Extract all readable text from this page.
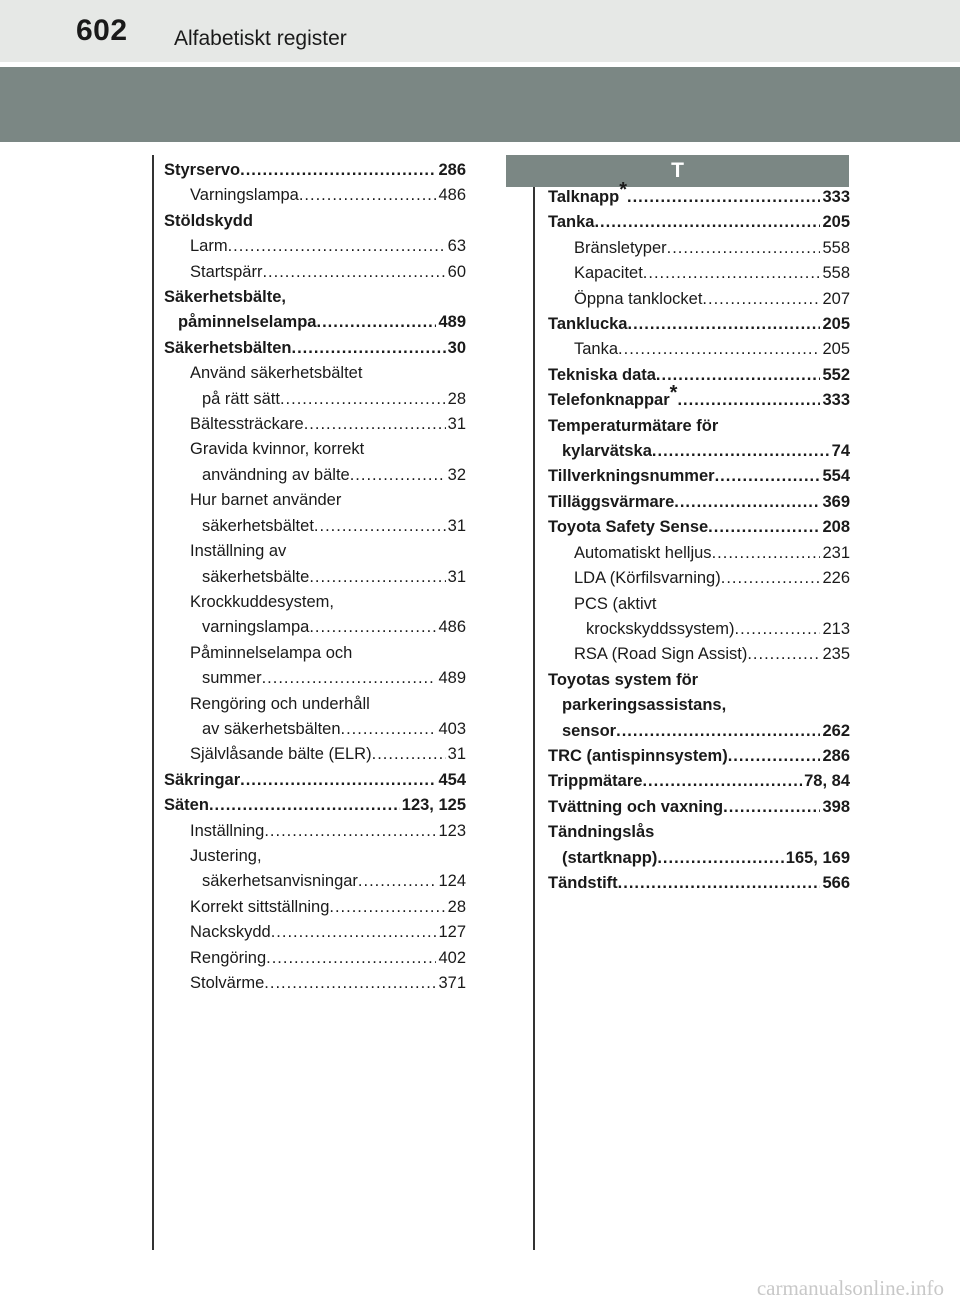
602 Alfabetiskt register
T
Styrservo .....	286
Varningslampa .....	486
Stöldskydd
Larm .....	63
Startspärr .....	60
Säkerhetsbälte,
påminnelselampa .....	489
Säkerhetsbälten .....	30
Använd säkerhetsbältet
på rätt sätt .....	28
Bältessträckare .....	31
Gravida kvinnor, korrekt
användning av bälte .....	32
Hur barnet använder
säkerhetsbältet .....	31
Inställning av
säkerhetsbälte .....	31
Krockkuddesystem,
varningslampa .....	486
Påminnelselampa och
summer .....	489
Rengöring och underhåll
av säkerhetsbälten .....	403
Självlåsande bälte (ELR) .....	31
Säkringar .....	454
Säten .....	123, 125
Inställning .....	123
Justering,
säkerhetsanvisningar .....	124
Korrekt sittställning .....	28
Nackskydd .....	127
Rengöring .....	402
Stolvärme .....	371
Talknapp* .....	333
Tanka .....	205
Bränsletyper .....	558
Kapacitet .....	558
Öppna tanklocket .....	207
Tanklucka .....	205
Tanka .....	205
Tekniska data .....	552
Telefonknappar* .....	333
Temperaturmätare för
kylarvätska .....	74
Tillverkningsnummer .....	554
Tilläggsvärmare .....	369
Toyota Safety Sense .....	208
Automatiskt helljus .....	231
LDA (Körfilsvarning) .....	226
PCS (aktivt
krockskyddssystem) .....	213
RSA (Road Sign Assist) .....	235
Toyotas system för
parkeringsassistans,
sensor .....	262
TRC (antispinnsystem) .....	286
Trippmätare .....	78, 84
Tvättning och vaxning .....	398
Tändningslås
(startknapp) .....	165, 169
Tändstift .....	566
carmanualsonline.info
